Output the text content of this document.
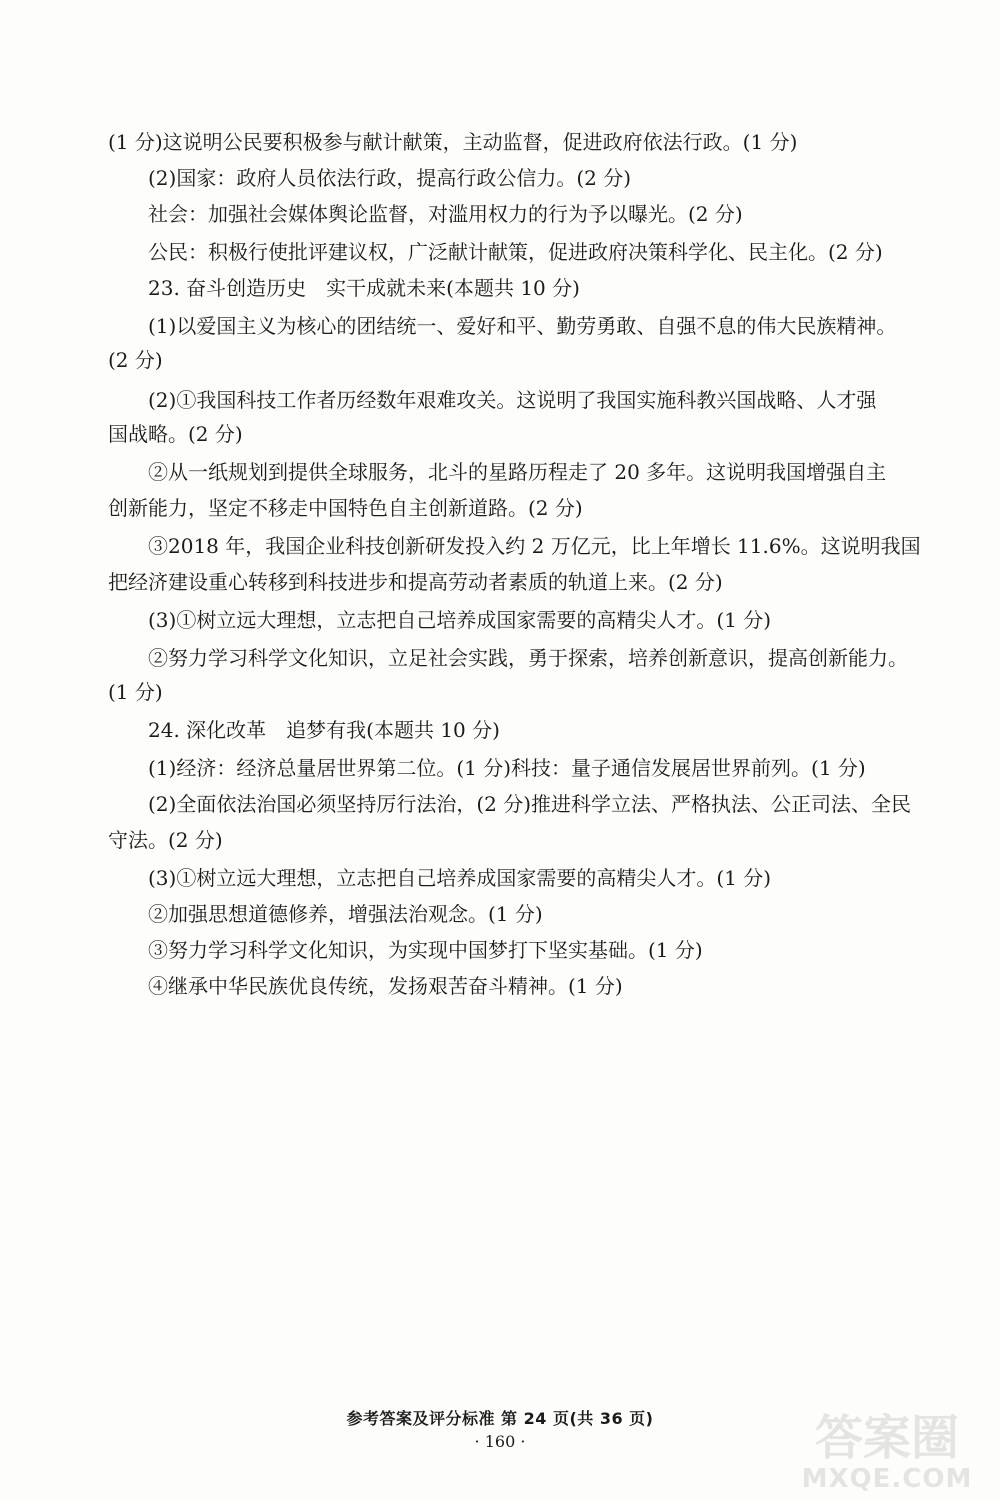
(1 分)这说明公民要积极参与献计献策，主动监督，促进政府依法行政。(1 分)
(2)国家：政府人员依法行政，提高行政公信力。(2 分)
社会：加强社会媒体舆论监督，对滥用权力的行为予以曝光。(2 分)
公民：积极行使批评建议权，广泛献计献策，促进政府决策科学化、民主化。(2 分)
23. 奋斗创造历史　实干成就未来(本题共 10 分)
(1)以爱国主义为核心的团结统一、爱好和平、勤劳勇敢、自强不息的伟大民族精神。
(2 分)
(2)①我国科技工作者历经数年艰难攻关。这说明了我国实施科教兴国战略、人才强
国战略。(2 分)
②从一纸规划到提供全球服务，北斗的星路历程走了 20 多年。这说明我国增强自主
创新能力，坚定不移走中国特色自主创新道路。(2 分)
③2018 年，我国企业科技创新研发投入约 2 万亿元，比上年增长 11.6%。这说明我国
把经济建设重心转移到科技进步和提高劳动者素质的轨道上来。(2 分)
(3)①树立远大理想，立志把自己培养成国家需要的高精尖人才。(1 分)
②努力学习科学文化知识，立足社会实践，勇于探索，培养创新意识，提高创新能力。
(1 分)
24. 深化改革　追梦有我(本题共 10 分)
(1)经济：经济总量居世界第二位。(1 分)科技：量子通信发展居世界前列。(1 分)
(2)全面依法治国必须坚持厉行法治，(2 分)推进科学立法、严格执法、公正司法、全民
守法。(2 分)
(3)①树立远大理想，立志把自己培养成国家需要的高精尖人才。(1 分)
②加强思想道德修养，增强法治观念。(1 分)
③努力学习科学文化知识，为实现中国梦打下坚实基础。(1 分)
④继承中华民族优良传统，发扬艰苦奋斗精神。(1 分)
参考答案及评分标准 第 24 页(共 36 页)
· 160 ·	答案圈
MXQE.COM
